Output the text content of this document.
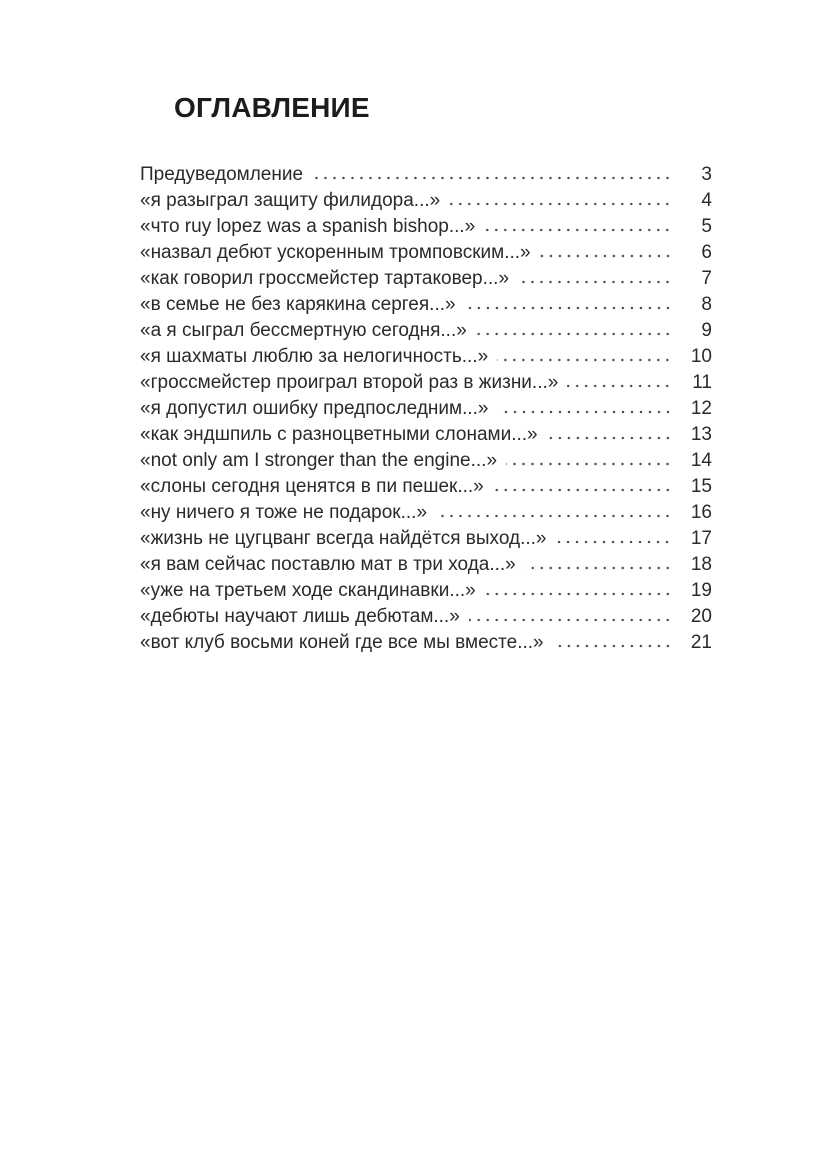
ОГЛАВЛЕНИЕ
Предуведомление	3
«я разыграл защиту филидора...»	4
«что ruy lopez was a spanish bishop...»	5
«назвал дебют ускоренным тромповским...»	6
«как говорил гроссмейстер тартаковер...»	7
«в семье не без карякина сергея...»	8
«а я сыграл бессмертную сегодня...»	9
«я шахматы люблю за нелогичность...»	10
«гроссмейстер проиграл второй раз в жизни...»	11
«я допустил ошибку предпоследним...»	12
«как эндшпиль с разноцветными слонами...»	13
«not only am I stronger than the engine...»	14
«слоны сегодня ценятся в пи пешек...»	15
«ну ничего я тоже не подарок...»	16
«жизнь не цугцванг всегда найдётся выход...»	17
«я вам сейчас поставлю мат в три хода...»	18
«уже на третьем ходе скандинавки...»	19
«дебюты научают лишь дебютам...»	20
«вот клуб восьми коней где все мы вместе...»	21
